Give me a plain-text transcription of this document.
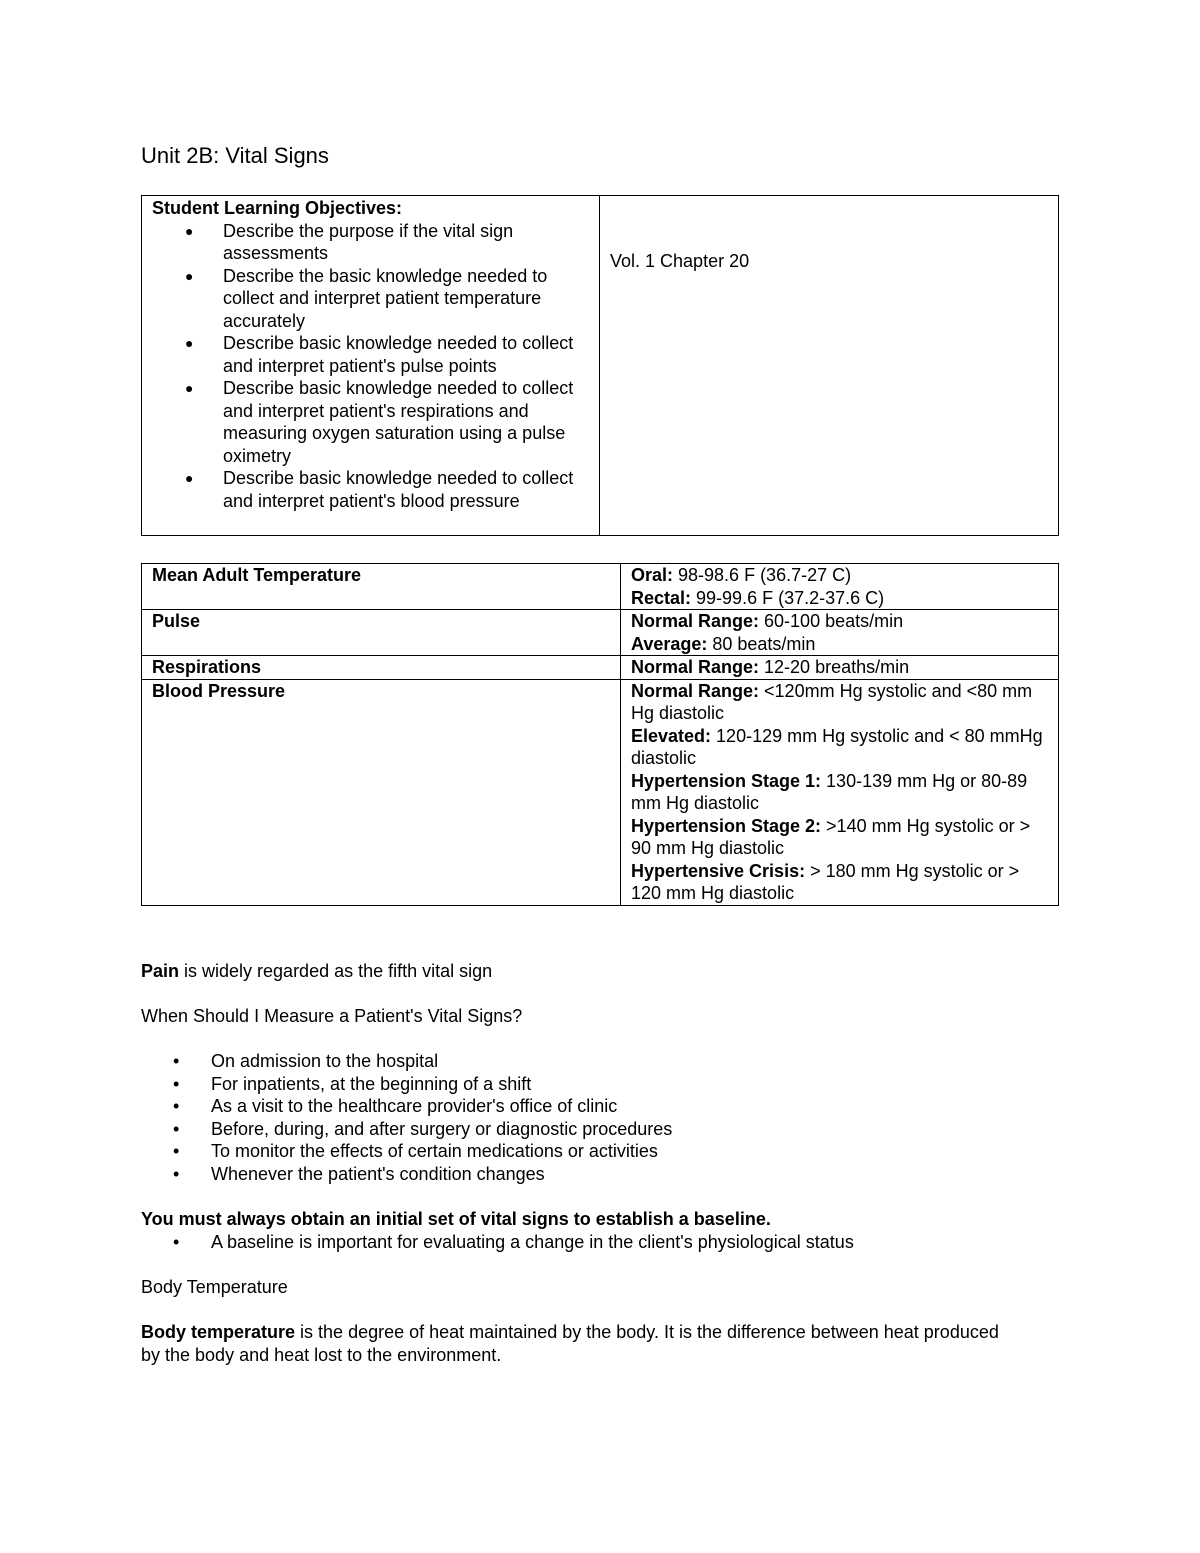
Unit 2B: Vital Signs
Student Learning Objectives:
● Describe the purpose if the vital sign assessments
● Describe the basic knowledge needed to collect and interpret patient temperature accurately
● Describe basic knowledge needed to collect and interpret patient's pulse points
● Describe basic knowledge needed to collect and interpret patient's respirations and measuring oxygen saturation using a pulse oximetry
● Describe basic knowledge needed to collect and interpret patient's blood pressure
	Vol. 1 Chapter 20
Mean Adult Temperature	Oral: 98-98.6 F (36.7-27 C)
Rectal: 99-99.6 F (37.2-37.6 C)

Pulse	Normal Range: 60-100 beats/min
Average: 80 beats/min

Respirations	Normal Range: 12-20 breaths/min

Blood Pressure	Normal Range: <120mm Hg systolic and <80 mm Hg diastolic
Elevated: 120-129 mm Hg systolic and < 80 mmHg diastolic
Hypertension Stage 1: 130-139 mm Hg or 80-89 mm Hg diastolic
Hypertension Stage 2: >140 mm Hg systolic or > 90 mm Hg diastolic
Hypertensive Crisis: > 180 mm Hg systolic or > 120 mm Hg diastolic
Pain is widely regarded as the fifth vital sign
When Should I Measure a Patient's Vital Signs?
• On admission to the hospital
• For inpatients, at the beginning of a shift
• As a visit to the healthcare provider's office of clinic
• Before, during, and after surgery or diagnostic procedures
• To monitor the effects of certain medications or activities
• Whenever the patient's condition changes
You must always obtain an initial set of vital signs to establish a baseline.
• A baseline is important for evaluating a change in the client's physiological status
Body Temperature
Body temperature is the degree of heat maintained by the body. It is the difference between heat produced by the body and heat lost to the environment.
